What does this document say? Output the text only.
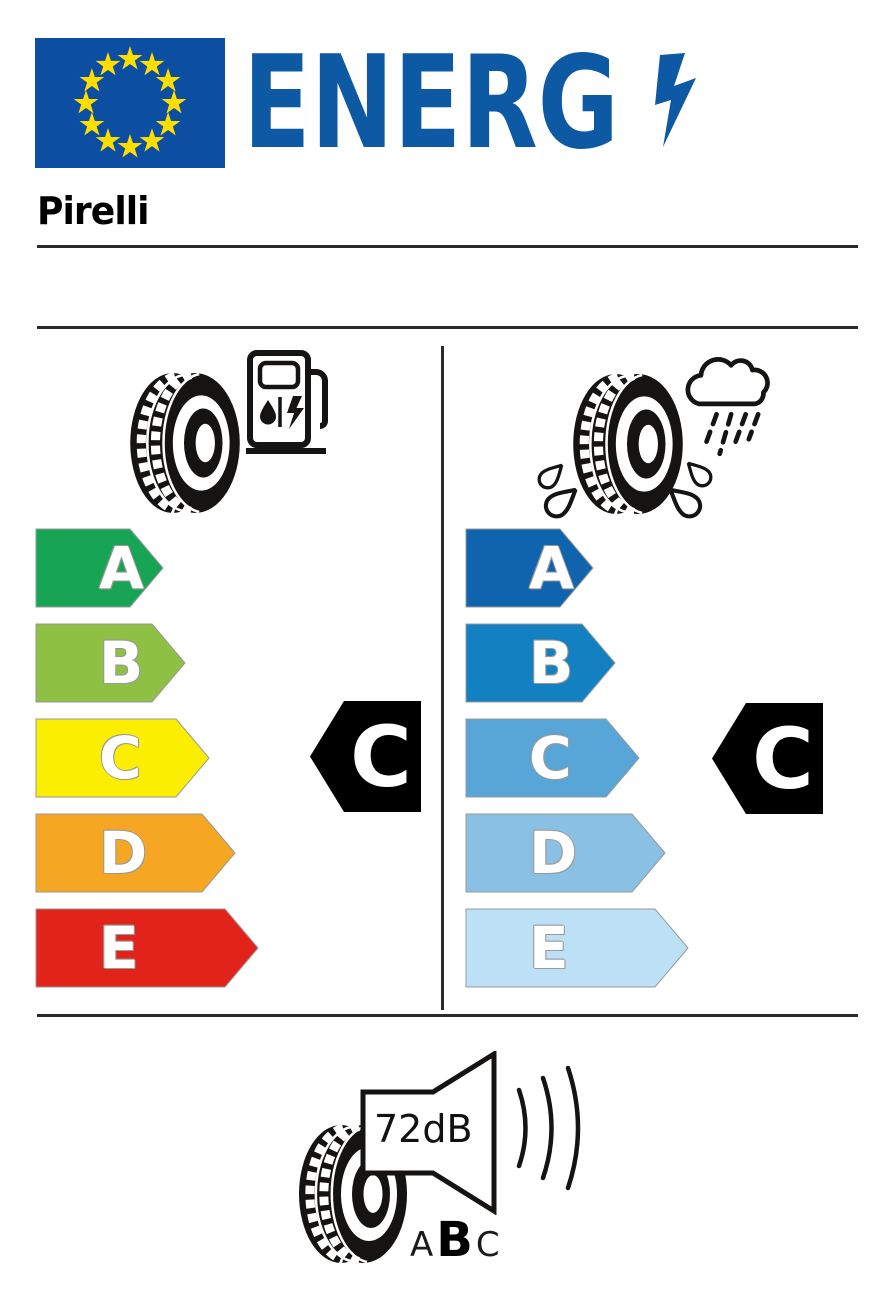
ENERG
Pirelli
A
B
C
D
E
C
A
B
C
D
E
C
72dB
A B C
